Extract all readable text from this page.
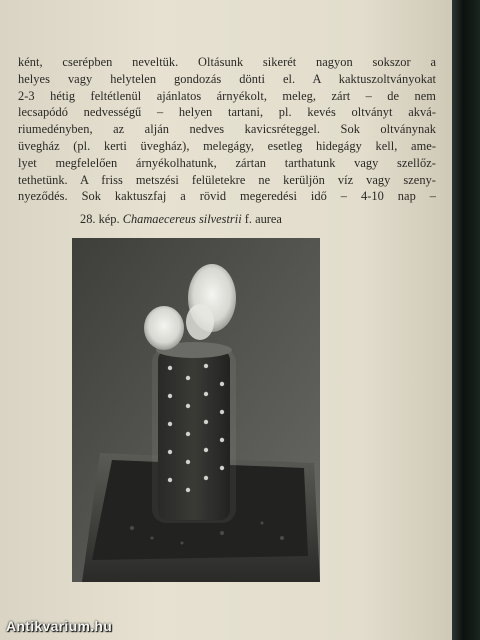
ként, cserépben neveltük. Oltásunk sikerét nagyon sokszor a
helyes vagy helytelen gondozás dönti el. A kaktuszoltványokat
2-3 hétig feltétlenül ajánlatos árnyékolt, meleg, zárt – de nem
lecsapódó nedvességű – helyen tartani, pl. kevés oltványt akvá-
riumedényben, az alján nedves kavicsréteggel. Sok oltványnak
üvegház (pl. kerti üvegház), melegágy, esetleg hidegágy kell, ame-
lyet megfelelően árnyékolhatunk, zártan tarthatunk vagy szellőz-
tethetünk. A friss metszési felületekre ne kerüljön víz vagy szeny-
nyeződés. Sok kaktuszfaj a rövid megeredési idő – 4-10 nap –
28. kép. Chamaecereus silvestrii f. aurea
Antikvarium.hu
